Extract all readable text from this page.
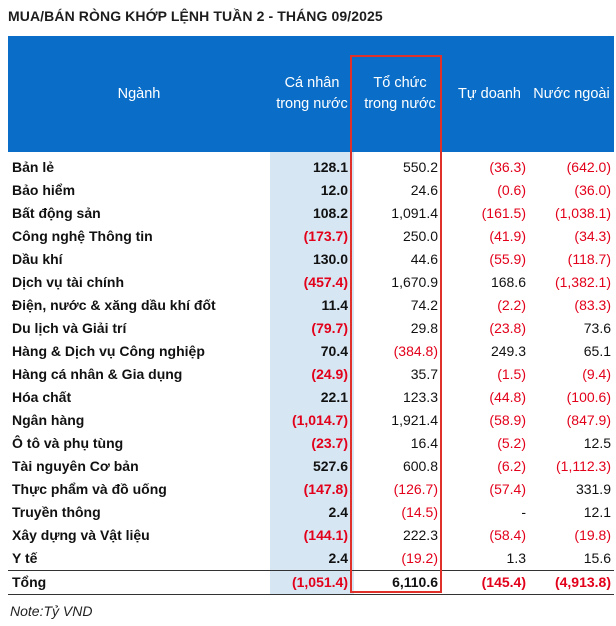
MUA/BÁN RÒNG KHỚP LỆNH TUẦN 2 - THÁNG 09/2025
Ngành	Cá nhân trong nước	Tổ chức trong nước	Tự doanh	Nước ngoài
Bản lẻ	128.1	550.2	(36.3)	(642.0)
Bảo hiểm	12.0	24.6	(0.6)	(36.0)
Bất động sản	108.2	1,091.4	(161.5)	(1,038.1)
Công nghệ Thông tin	(173.7)	250.0	(41.9)	(34.3)
Dầu khí	130.0	44.6	(55.9)	(118.7)
Dịch vụ tài chính	(457.4)	1,670.9	168.6	(1,382.1)
Điện, nước & xăng dầu khí đốt	11.4	74.2	(2.2)	(83.3)
Du lịch và Giải trí	(79.7)	29.8	(23.8)	73.6
Hàng & Dịch vụ Công nghiệp	70.4	(384.8)	249.3	65.1
Hàng cá nhân & Gia dụng	(24.9)	35.7	(1.5)	(9.4)
Hóa chất	22.1	123.3	(44.8)	(100.6)
Ngân hàng	(1,014.7)	1,921.4	(58.9)	(847.9)
Ô tô và phụ tùng	(23.7)	16.4	(5.2)	12.5
Tài nguyên Cơ bản	527.6	600.8	(6.2)	(1,112.3)
Thực phẩm và đồ uống	(147.8)	(126.7)	(57.4)	331.9
Truyền thông	2.4	(14.5)	-	12.1
Xây dựng và Vật liệu	(144.1)	222.3	(58.4)	(19.8)
Y tế	2.4	(19.2)	1.3	15.6
Tổng	(1,051.4)	6,110.6	(145.4)	(4,913.8)
Note:Tỷ VND
